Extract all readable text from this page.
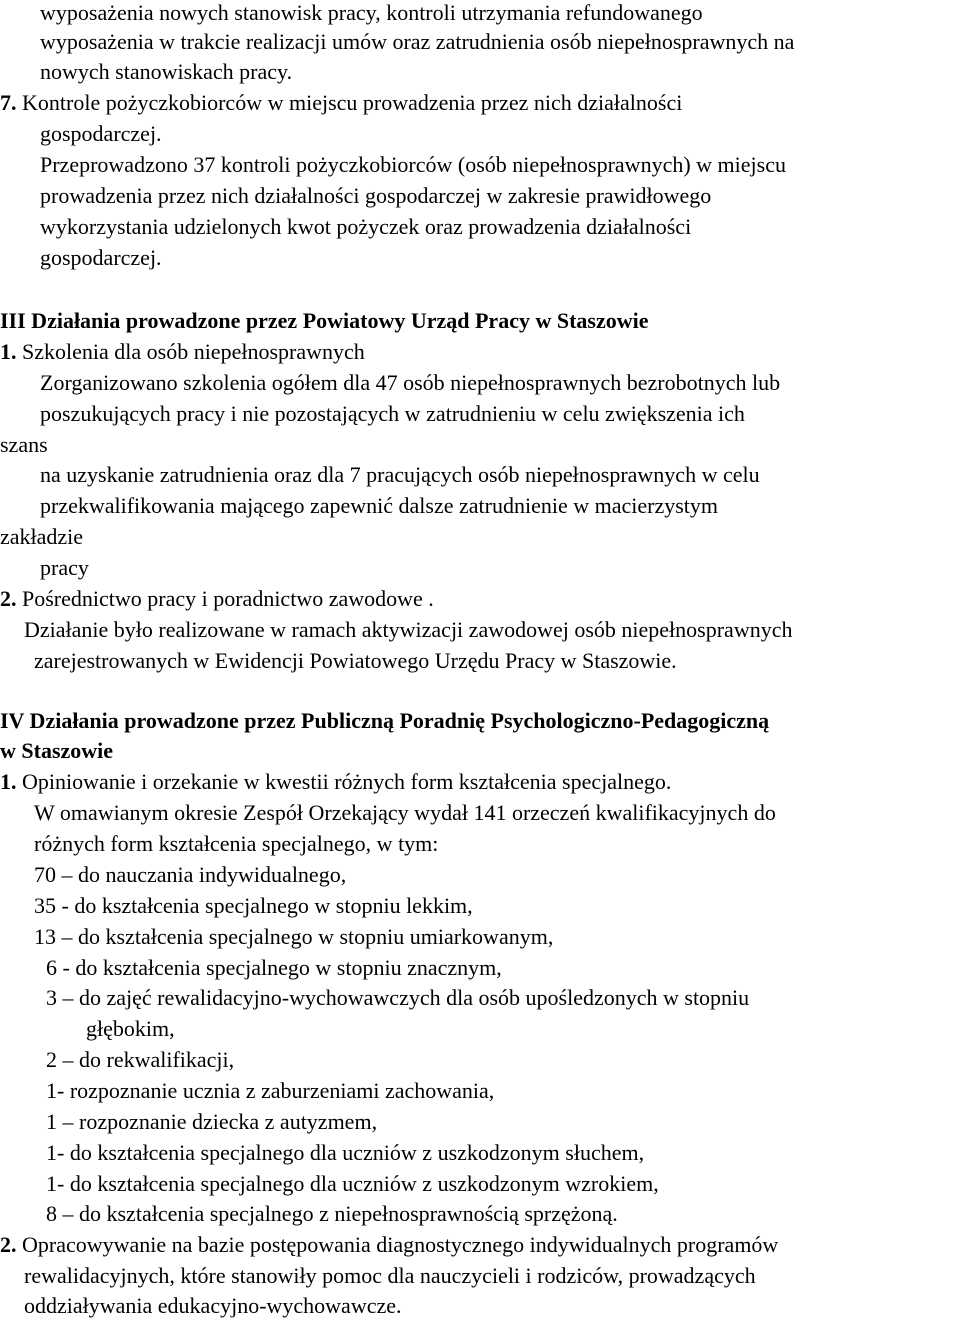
wyposażenia nowych stanowisk pracy, kontroli utrzymania refundowanego
wyposażenia w trakcie realizacji umów oraz zatrudnienia osób niepełnosprawnych na
nowych stanowiskach pracy.
7. Kontrole pożyczkobiorców w miejscu prowadzenia przez nich działalności
gospodarczej.
Przeprowadzono 37 kontroli pożyczkobiorców (osób niepełnosprawnych) w miejscu
prowadzenia przez nich działalności gospodarczej w zakresie prawidłowego
wykorzystania udzielonych kwot pożyczek oraz prowadzenia działalności
gospodarczej.
III Działania prowadzone przez Powiatowy Urząd Pracy w Staszowie
1. Szkolenia dla osób niepełnosprawnych
Zorganizowano szkolenia ogółem dla 47 osób niepełnosprawnych bezrobotnych lub
poszukujących pracy i nie pozostających w zatrudnieniu w celu zwiększenia ich
szans
na uzyskanie zatrudnienia oraz dla 7 pracujących osób niepełnosprawnych w celu
przekwalifikowania mającego zapewnić dalsze zatrudnienie w macierzystym
zakładzie
pracy
2. Pośrednictwo pracy i poradnictwo zawodowe .
Działanie było realizowane w ramach aktywizacji zawodowej osób niepełnosprawnych
zarejestrowanych w Ewidencji Powiatowego Urzędu Pracy w Staszowie.
IV Działania prowadzone przez Publiczną Poradnię Psychologiczno-Pedagogiczną
w Staszowie
1. Opiniowanie i orzekanie w kwestii różnych form kształcenia specjalnego.
W omawianym okresie Zespół Orzekający wydał 141 orzeczeń kwalifikacyjnych do
różnych form kształcenia specjalnego, w tym:
70 – do nauczania indywidualnego,
35 - do kształcenia specjalnego w stopniu lekkim,
13 – do kształcenia specjalnego w stopniu umiarkowanym,
6 - do kształcenia specjalnego w stopniu znacznym,
3 – do zajęć rewalidacyjno-wychowawczych dla osób upośledzonych w stopniu
głębokim,
2 – do rekwalifikacji,
1- rozpoznanie ucznia z zaburzeniami zachowania,
1 – rozpoznanie dziecka z autyzmem,
1- do kształcenia specjalnego dla uczniów z uszkodzonym słuchem,
1- do kształcenia specjalnego dla uczniów z uszkodzonym wzrokiem,
8 – do kształcenia specjalnego z niepełnosprawnością sprzężoną.
2. Opracowywanie na bazie postępowania diagnostycznego indywidualnych programów
rewalidacyjnych, które stanowiły pomoc dla nauczycieli i rodziców, prowadzących
oddziaływania edukacyjno-wychowawcze.
